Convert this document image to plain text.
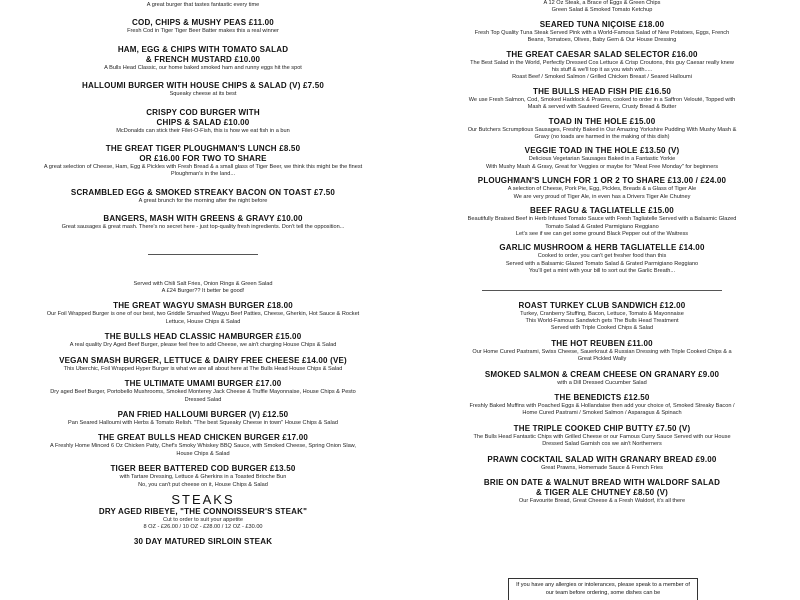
A great burger that tastes fantastic every time
COD, CHIPS & MUSHY PEAS £11.00
Fresh Cod in Tiger Tiger Beer Batter makes this a real winner
HAM, EGG & CHIPS WITH TOMATO SALAD
& FRENCH MUSTARD £10.00
A Bulls Head Classic, our home baked smoked ham and runny eggs hit the spot
HALLOUMI BURGER WITH HOUSE CHIPS & SALAD (V) £7.50
Squeaky cheese at its best
CRISPY COD BURGER WITH
CHIPS & SALAD £10.00
McDonalds can stick their Filet-O-Fish, this is how we eat fish in a bun
THE GREAT TIGER PLOUGHMAN'S LUNCH £8.50
OR £16.00 FOR TWO TO SHARE
A great selection of Cheese, Ham, Egg & Pickles with Fresh Bread & a small glass of Tiger Beer, we think this might be the finest Ploughman's in the land...
SCRAMBLED EGG & SMOKED STREAKY BACON ON TOAST £7.50
A great brunch for the morning after the night before
BANGERS, MASH WITH GREENS & GRAVY £10.00
Great sausages & great mash. There's no secret here - just top-quality fresh ingredients. Don't tell the opposition...
Served with Chili Salt Fries, Onion Rings & Green Salad
A £24 Burger?? It better be good!
THE GREAT WAGYU SMASH BURGER £18.00
Our Foil Wrapped Burger is one of our best, two Griddle Smashed Wagyu Beef Patties, Cheese, Gherkin, Hot Sauce & Rocket Lettuce, House Chips & Salad
THE BULLS HEAD CLASSIC HAMBURGER £15.00
A real quality Dry Aged Beef Burger, please feel free to add Cheese, we ain't charging House Chips & Salad
VEGAN SMASH BURGER, LETTUCE & DAIRY FREE CHEESE £14.00 (VE)
This Uberchic, Foil Wrapped Hyper Burger is what we are all about here at The Bulls Head House Chips & Salad
THE ULTIMATE UMAMI BURGER £17.00
Dry aged Beef Burger, Portobello Mushrooms, Smoked Monterey Jack Cheese & Truffle Mayonnaise, House Chips & Pesto Dressed Salad
PAN FRIED HALLOUMI BURGER (V) £12.50
Pan Seared Halloumi with Herbs & Tomato Relish. "The best Squeaky Cheese in town" House Chips & Salad
THE GREAT BULLS HEAD CHICKEN BURGER £17.00
A Freshly Home Minced 6 Oz Chicken Patty, Chef's Smoky Whiskey BBQ Sauce, with Smoked Cheese, Spring Onion Slaw, House Chips & Salad
TIGER BEER BATTERED COD BURGER £13.50
with Tartare Dressing, Lettuce & Gherkins in a Toasted Brioche Bun
No, you can't put cheese on it, House Chips & Salad
STEAKS
DRY AGED RIBEYE, "THE CONNOISSEUR'S STEAK"
Cut to order to suit your appetite
8 OZ - £26.00 / 10 OZ - £28.00 / 12 OZ - £30.00
30 DAY MATURED SIRLOIN STEAK
A 12 Oz Steak, a Brace of Eggs & Green Chips
Green Salad & Smoked Tomato Ketchup
SEARED TUNA NIÇOISE £18.00
Fresh Top Quality Tuna Steak Served Pink with a World-Famous Salad of New Potatoes, Eggs, French Beans, Tomatoes, Olives, Baby Gem & Our House Dressing
THE GREAT CAESAR SALAD SELECTOR £16.00
The Best Salad in the World, Perfectly Dressed Cos Lettuce & Crisp Croutons, this guy Caesar really knew his stuff & we'll top it as you wish with.....
Roast Beef / Smoked Salmon / Grilled Chicken Breast / Seared Halloumi
THE BULLS HEAD FISH PIE £16.50
We use Fresh Salmon, Cod, Smoked Haddock & Prawns, cooked to order in a Saffron Velouté, Topped with Mash & served with Sauteed Greens, Crusty Bread & Butter
TOAD IN THE HOLE £15.00
Our Butchers Scrumptious Sausages, Freshly Baked in Our Amazing Yorkshire Pudding With Mushy Mash & Gravy (no toads are harmed in the making of this dish)
VEGGIE TOAD IN THE HOLE £13.50 (V)
Delicious Vegetarian Sausages Baked in a Fantastic Yorkie
With Mushy Mash & Gravy, Great for Veggies or maybe for "Meat Free Monday" for beginners
PLOUGHMAN'S LUNCH FOR 1 OR 2 TO SHARE £13.00 / £24.00
A selection of Cheese, Pork Pie, Egg, Pickles, Breads & a Glass of Tiger Ale
We are very proud of Tiger Ale, in even has a Drivers Tiger Ale Chutney
BEEF RAGU & TAGLIATELLE £15.00
Beautifully Braised Beef in Herb Infused Tomato Sauce with Fresh Tagliatelle Served with a Balsamic Glazed Tomato Salad & Grated Parmigiano Reggiano
Let's see if we can get some ground Black Pepper out of the Waitress
GARLIC MUSHROOM & HERB TAGLIATELLE £14.00
Cooked to order, you can't get fresher food than this
Served with a Balsamic Glazed Tomato Salad & Grated Parmigiano Reggiano
You'll get a mint with your bill to sort out the Garlic Breath...
ROAST TURKEY CLUB SANDWICH £12.00
Turkey, Cranberry Stuffing, Bacon, Lettuce, Tomato & Mayonnaise
This World-Famous Sandwich gets The Bulls Head Treatment
Served with Triple Cooked Chips & Salad
THE HOT REUBEN £11.00
Our Home Cured Pastrami, Swiss Cheese, Sauerkraut & Russian Dressing with Triple Cooked Chips & a Great Pickled Wally
SMOKED SALMON & CREAM CHEESE ON GRANARY £9.00
with a Dill Dressed Cucumber Salad
THE BENEDICTS £12.50
Freshly Baked Muffins with Poached Eggs & Hollandaise then add your choice of, Smoked Streaky Bacon / Home Cured Pastrami / Smoked Salmon / Asparagus & Spinach
THE TRIPLE COOKED CHIP BUTTY £7.50 (V)
The Bulls Head Fantastic Chips with Grilled Cheese or our Famous Curry Sauce Served with our House Dressed Salad Garnish cos we ain't Northerners
PRAWN COCKTAIL SALAD WITH GRANARY BREAD £9.00
Great Prawns, Homemade Sauce & French Fries
BRIE ON DATE & WALNUT BREAD WITH WALDORF SALAD
& TIGER ALE CHUTNEY £8.50 (V)
Our Favourite Bread, Great Cheese & a Fresh Waldorf, it's all there
If you have any allergies or intolerances, please speak to a member of our team before ordering, some dishes can be
